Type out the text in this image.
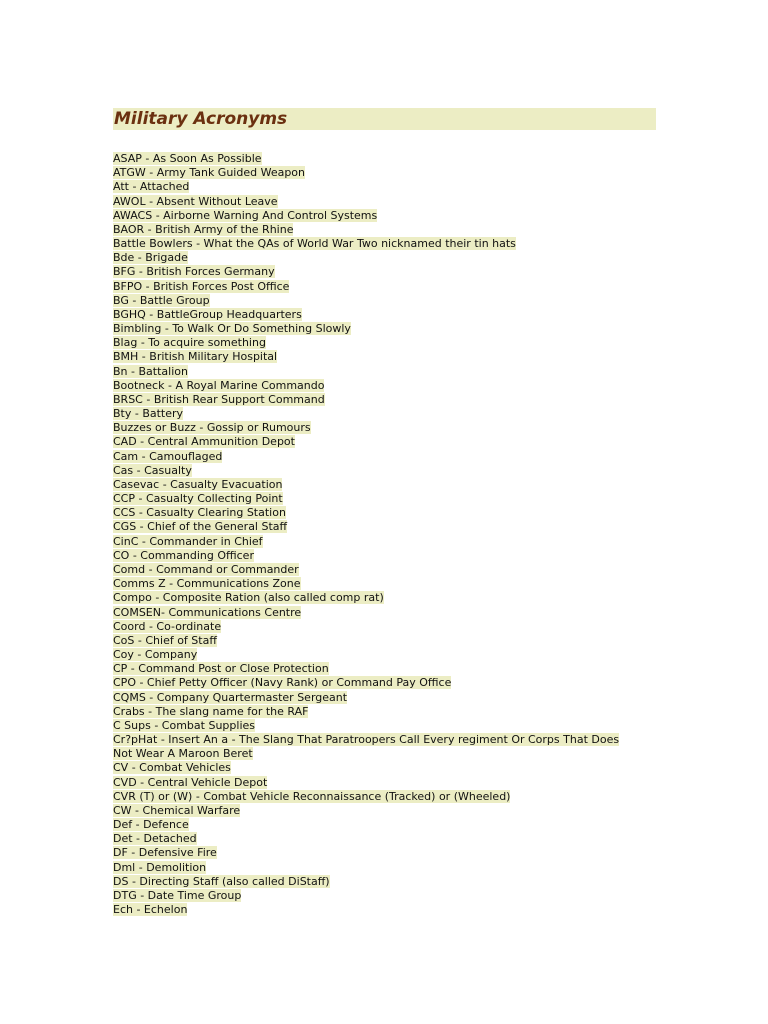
Military Acronyms
ASAP - As Soon As Possible
ATGW - Army Tank Guided Weapon
Att - Attached
AWOL - Absent Without Leave
AWACS - Airborne Warning And Control Systems
BAOR - British Army of the Rhine
Battle Bowlers - What the QAs of World War Two nicknamed their tin hats
Bde - Brigade
BFG - British Forces Germany
BFPO - British Forces Post Office
BG - Battle Group
BGHQ - BattleGroup Headquarters
Bimbling - To Walk Or Do Something Slowly
Blag - To acquire something
BMH - British Military Hospital
Bn - Battalion
Bootneck - A Royal Marine Commando
BRSC - British Rear Support Command
Bty - Battery
Buzzes or Buzz - Gossip or Rumours
CAD - Central Ammunition Depot
Cam - Camouflaged
Cas - Casualty
Casevac - Casualty Evacuation
CCP - Casualty Collecting Point
CCS - Casualty Clearing Station
CGS - Chief of the General Staff
CinC - Commander in Chief
CO - Commanding Officer
Comd - Command or Commander
Comms Z - Communications Zone
Compo - Composite Ration (also called comp rat)
COMSEN- Communications Centre
Coord - Co-ordinate
CoS - Chief of Staff
Coy - Company
CP - Command Post or Close Protection
CPO - Chief Petty Officer (Navy Rank) or Command Pay Office
CQMS - Company Quartermaster Sergeant
Crabs - The slang name for the RAF
C Sups - Combat Supplies
Cr?pHat - Insert An a - The Slang That Paratroopers Call Every regiment Or Corps That Does
Not Wear A Maroon Beret
CV - Combat Vehicles
CVD - Central Vehicle Depot
CVR (T) or (W) - Combat Vehicle Reconnaissance (Tracked) or (Wheeled)
CW - Chemical Warfare
Def - Defence
Det - Detached
DF - Defensive Fire
Dml - Demolition
DS - Directing Staff (also called DiStaff)
DTG - Date Time Group
Ech - Echelon
